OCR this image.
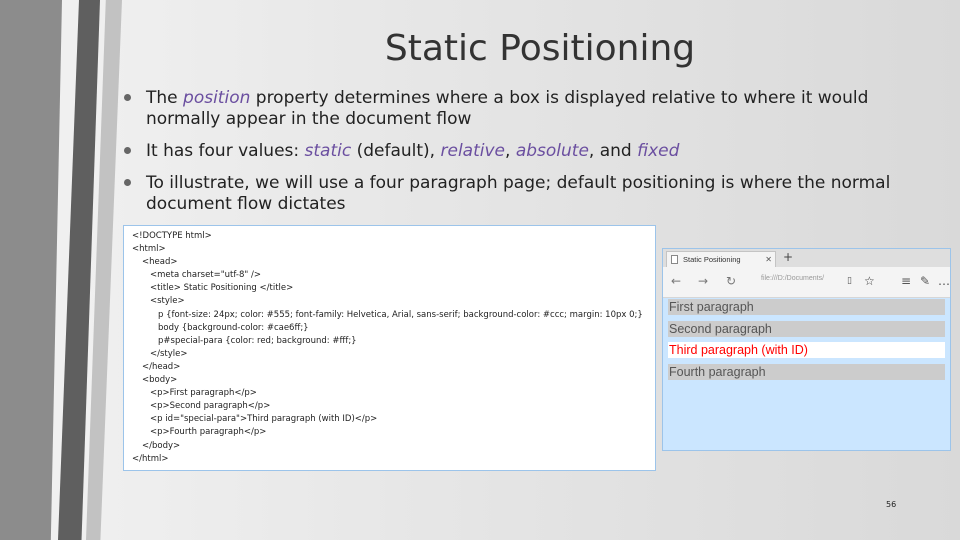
Static Positioning
The position property determines where a box is displayed relative to where it would normally appear in the document flow
It has four values: static (default), relative, absolute, and fixed
To illustrate, we will use a four paragraph page; default positioning is where the normal document flow dictates
<!DOCTYPE html>
<html>
<head>
<meta charset="utf-8" />
<title> Static Positioning </title>
<style>
p {font-size: 24px; color: #555; font-family: Helvetica, Arial, sans-serif; background-color: #ccc; margin: 10px 0;}
body {background-color: #cae6ff;}
p#special-para {color: red; background: #fff;}
</style>
</head>
<body>
<p>First paragraph</p>
<p>Second paragraph</p>
<p id="special-para">Third paragraph (with ID)</p>
<p>Fourth paragraph</p>
</body>
</html>
Static Positioning	✕ +
← → ↻	file:///D:/Documents/	▯ ☆ ≡ ✎ …
First paragraph
Second paragraph
Third paragraph (with ID)
Fourth paragraph
56
